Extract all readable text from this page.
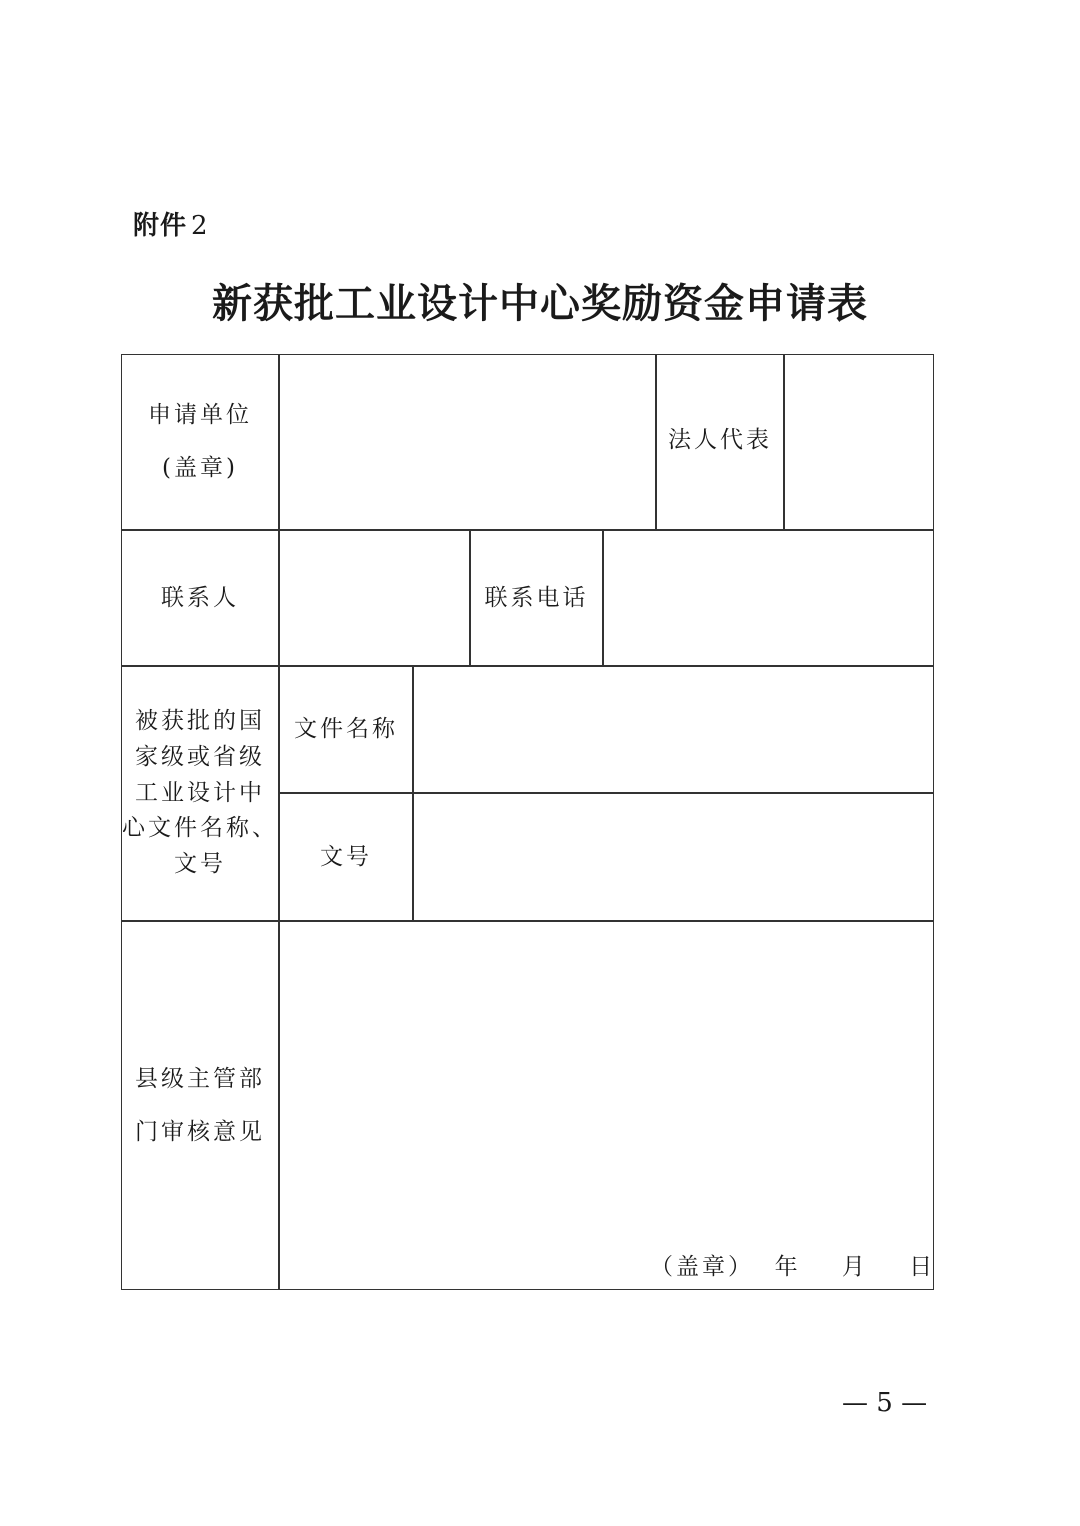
附件 2
新获批工业设计中心奖励资金申请表
申请单位
(盖章)
法人代表
联系人	联系电话
被获批的国
家级或省级
工业设计中
心文件名称、
文号
文件名称
文号
县级主管部
门审核意见
（盖章）  年    月    日
— 5 —
